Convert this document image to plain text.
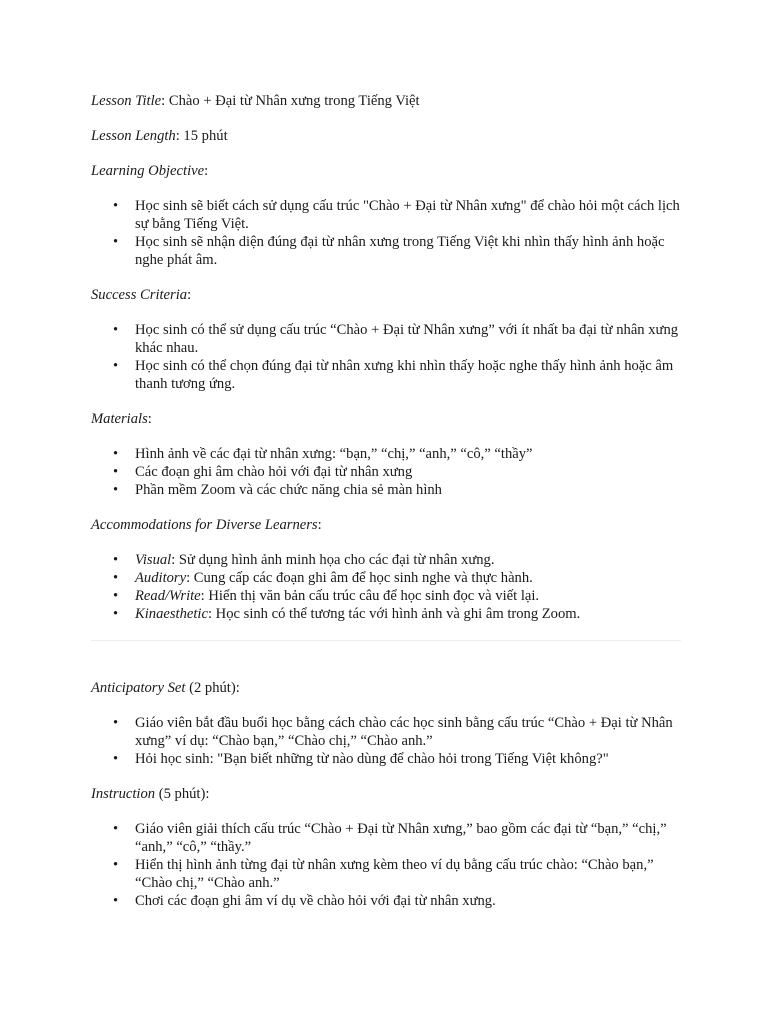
Lesson Title: Chào + Đại từ Nhân xưng trong Tiếng Việt

Lesson Length: 15 phút

Learning Objective:

• Học sinh sẽ biết cách sử dụng cấu trúc "Chào + Đại từ Nhân xưng" để chào hỏi một cách lịch sự bằng Tiếng Việt.
• Học sinh sẽ nhận diện đúng đại từ nhân xưng trong Tiếng Việt khi nhìn thấy hình ảnh hoặc nghe phát âm.

Success Criteria:

• Học sinh có thể sử dụng cấu trúc “Chào + Đại từ Nhân xưng” với ít nhất ba đại từ nhân xưng khác nhau.
• Học sinh có thể chọn đúng đại từ nhân xưng khi nhìn thấy hoặc nghe thấy hình ảnh hoặc âm thanh tương ứng.

Materials:

• Hình ảnh về các đại từ nhân xưng: “bạn,” “chị,” “anh,” “cô,” “thầy”
• Các đoạn ghi âm chào hỏi với đại từ nhân xưng
• Phần mềm Zoom và các chức năng chia sẻ màn hình

Accommodations for Diverse Learners:

• Visual: Sử dụng hình ảnh minh họa cho các đại từ nhân xưng.
• Auditory: Cung cấp các đoạn ghi âm để học sinh nghe và thực hành.
• Read/Write: Hiển thị văn bản cấu trúc câu để học sinh đọc và viết lại.
• Kinaesthetic: Học sinh có thể tương tác với hình ảnh và ghi âm trong Zoom.

Anticipatory Set (2 phút):

• Giáo viên bắt đầu buổi học bằng cách chào các học sinh bằng cấu trúc “Chào + Đại từ Nhân xưng” ví dụ: “Chào bạn,” “Chào chị,” “Chào anh.”
• Hỏi học sinh: "Bạn biết những từ nào dùng để chào hỏi trong Tiếng Việt không?"

Instruction (5 phút):

• Giáo viên giải thích cấu trúc “Chào + Đại từ Nhân xưng,” bao gồm các đại từ “bạn,” “chị,” “anh,” “cô,” “thầy.”
• Hiển thị hình ảnh từng đại từ nhân xưng kèm theo ví dụ bằng cấu trúc chào: “Chào bạn,” “Chào chị,” “Chào anh.”
• Chơi các đoạn ghi âm ví dụ về chào hỏi với đại từ nhân xưng.
